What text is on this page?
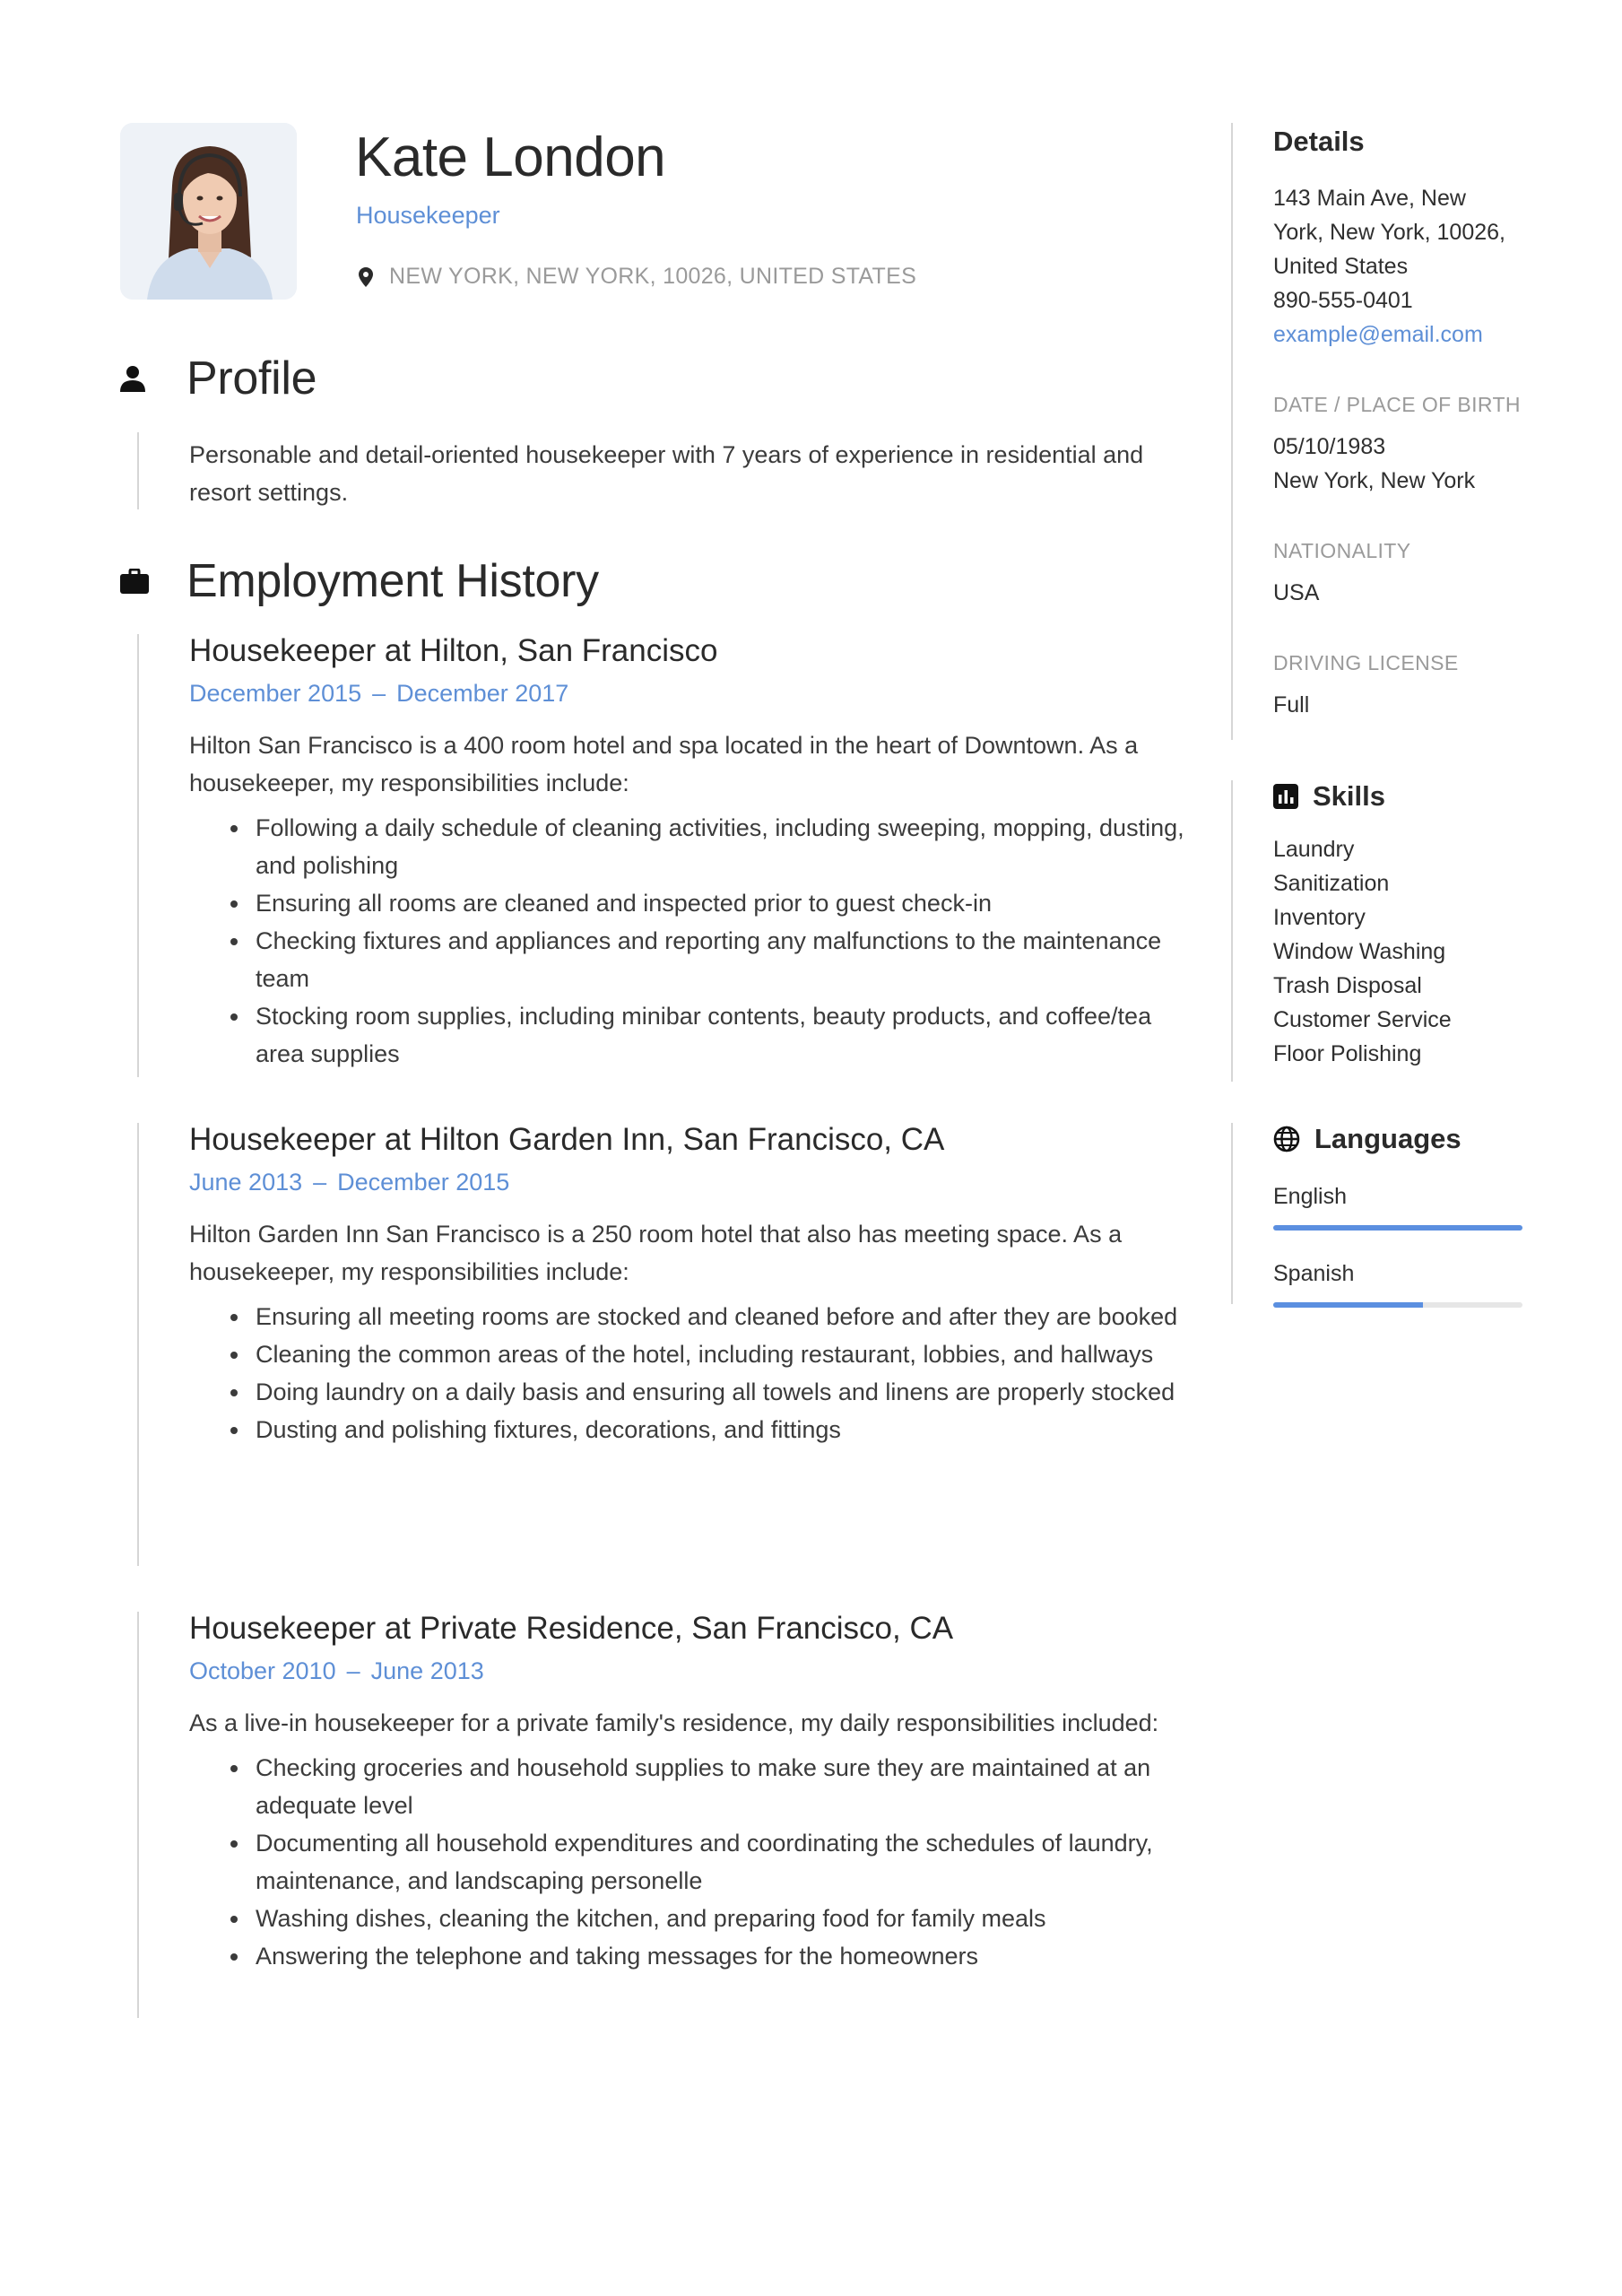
Kate London
Housekeeper
NEW YORK, NEW YORK, 10026, UNITED STATES
Profile

Personable and detail-oriented housekeeper with 7 years of experience in residential and resort settings.

Employment History
Housekeeper at Hilton, San Francisco
December 2015 – December 2017

Hilton San Francisco is a 400 room hotel and spa located in the heart of Downtown. As a housekeeper, my responsibilities include:

Following a daily schedule of cleaning activities, including sweeping, mopping, dusting, and polishing
Ensuring all rooms are cleaned and inspected prior to guest check-in
Checking fixtures and appliances and reporting any malfunctions to the maintenance team
Stocking room supplies, including minibar contents, beauty products, and coffee/tea area supplies
Housekeeper at Hilton Garden Inn, San Francisco, CA
June 2013 – December 2015

Hilton Garden Inn San Francisco is a 250 room hotel that also has meeting space. As a housekeeper, my responsibilities include:

Ensuring all meeting rooms are stocked and cleaned before and after they are booked
Cleaning the common areas of the hotel, including restaurant, lobbies, and hallways
Doing laundry on a daily basis and ensuring all towels and linens are properly stocked
Dusting and polishing fixtures, decorations, and fittings
Housekeeper at Private Residence, San Francisco, CA
October 2010 – June 2013

As a live-in housekeeper for a private family's residence, my daily responsibilities included:

Checking groceries and household supplies to make sure they are maintained at an adequate level
Documenting all household expenditures and coordinating the schedules of laundry, maintenance, and landscaping personelle
Washing dishes, cleaning the kitchen, and preparing food for family meals
Answering the telephone and taking messages for the homeowners
Details

143 Main Ave, New

York, New York, 10026,

United States

890-555-0401

example@email.com

DATE / PLACE OF BIRTH

05/10/1983

New York, New York

NATIONALITY

USA

DRIVING LICENSE

Full

Skills

Laundry

Sanitization

Inventory

Window Washing

Trash Disposal

Customer Service

Floor Polishing

Languages
English
Spanish
